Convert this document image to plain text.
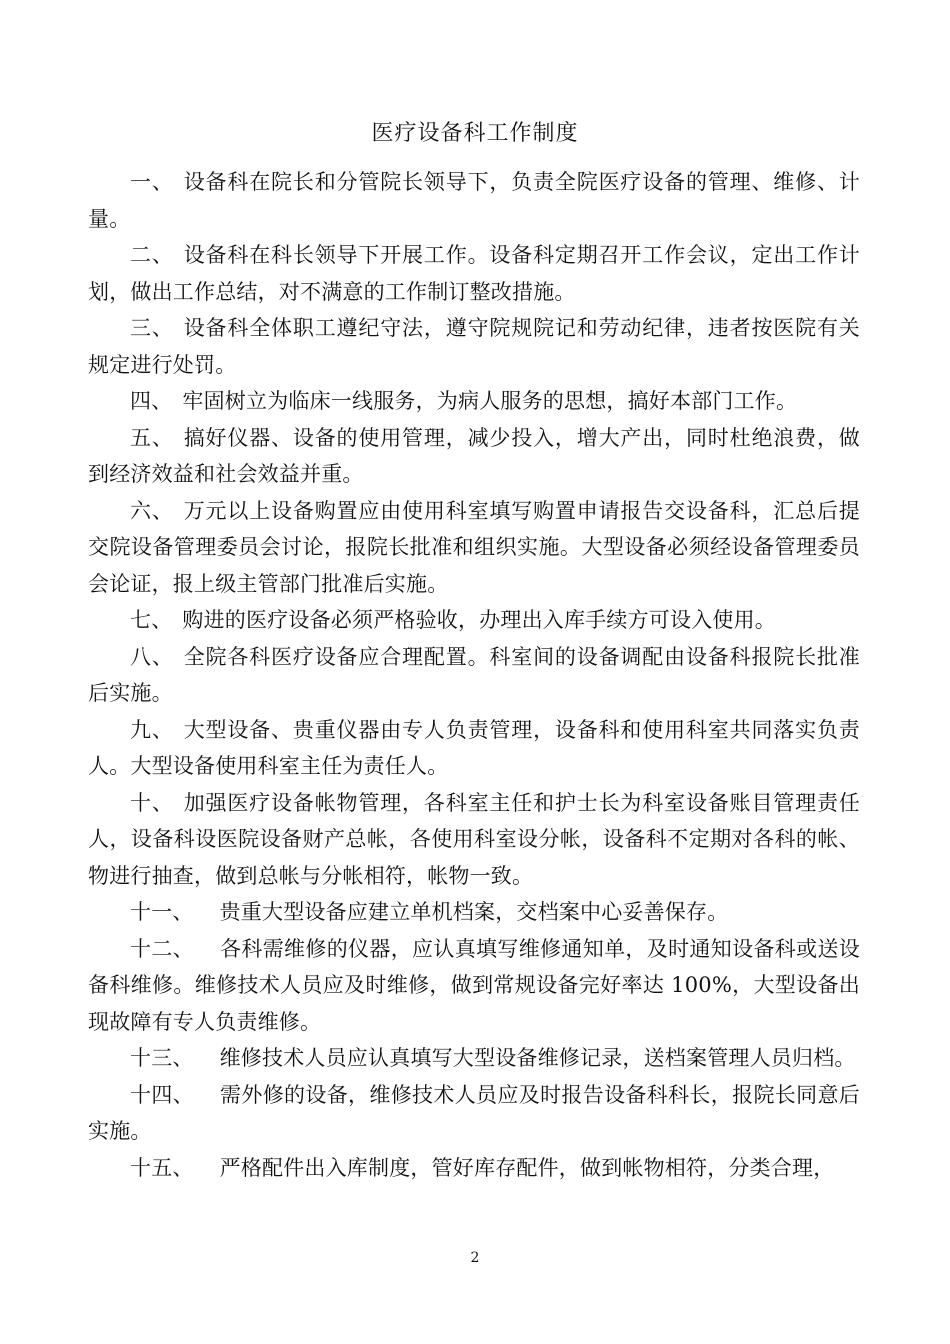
医疗设备科工作制度

一、 设备科在院长和分管院长领导下，负责全院医疗设备的管理、维修、计量。

二、 设备科在科长领导下开展工作。设备科定期召开工作会议，定出工作计划，做出工作总结，对不满意的工作制订整改措施。

三、 设备科全体职工遵纪守法，遵守院规院记和劳动纪律，违者按医院有关规定进行处罚。

四、 牢固树立为临床一线服务，为病人服务的思想，搞好本部门工作。

五、 搞好仪器、设备的使用管理，减少投入，增大产出，同时杜绝浪费，做到经济效益和社会效益并重。

六、 万元以上设备购置应由使用科室填写购置申请报告交设备科，汇总后提交院设备管理委员会讨论，报院长批准和组织实施。大型设备必须经设备管理委员会论证，报上级主管部门批准后实施。

七、 购进的医疗设备必须严格验收，办理出入库手续方可设入使用。

八、 全院各科医疗设备应合理配置。科室间的设备调配由设备科报院长批准后实施。

九、 大型设备、贵重仪器由专人负责管理，设备科和使用科室共同落实负责人。大型设备使用科室主任为责任人。

十、 加强医疗设备帐物管理，各科室主任和护士长为科室设备账目管理责任人，设备科设医院设备财产总帐，各使用科室设分帐，设备科不定期对各科的帐、物进行抽查，做到总帐与分帐相符，帐物一致。

十一、 贵重大型设备应建立单机档案，交档案中心妥善保存。

十二、 各科需维修的仪器，应认真填写维修通知单，及时通知设备科或送设备科维修。维修技术人员应及时维修，做到常规设备完好率达 100%，大型设备出现故障有专人负责维修。

十三、 维修技术人员应认真填写大型设备维修记录，送档案管理人员归档。

十四、 需外修的设备，维修技术人员应及时报告设备科科长，报院长同意后实施。

十五、 严格配件出入库制度，管好库存配件，做到帐物相符，分类合理，

2
